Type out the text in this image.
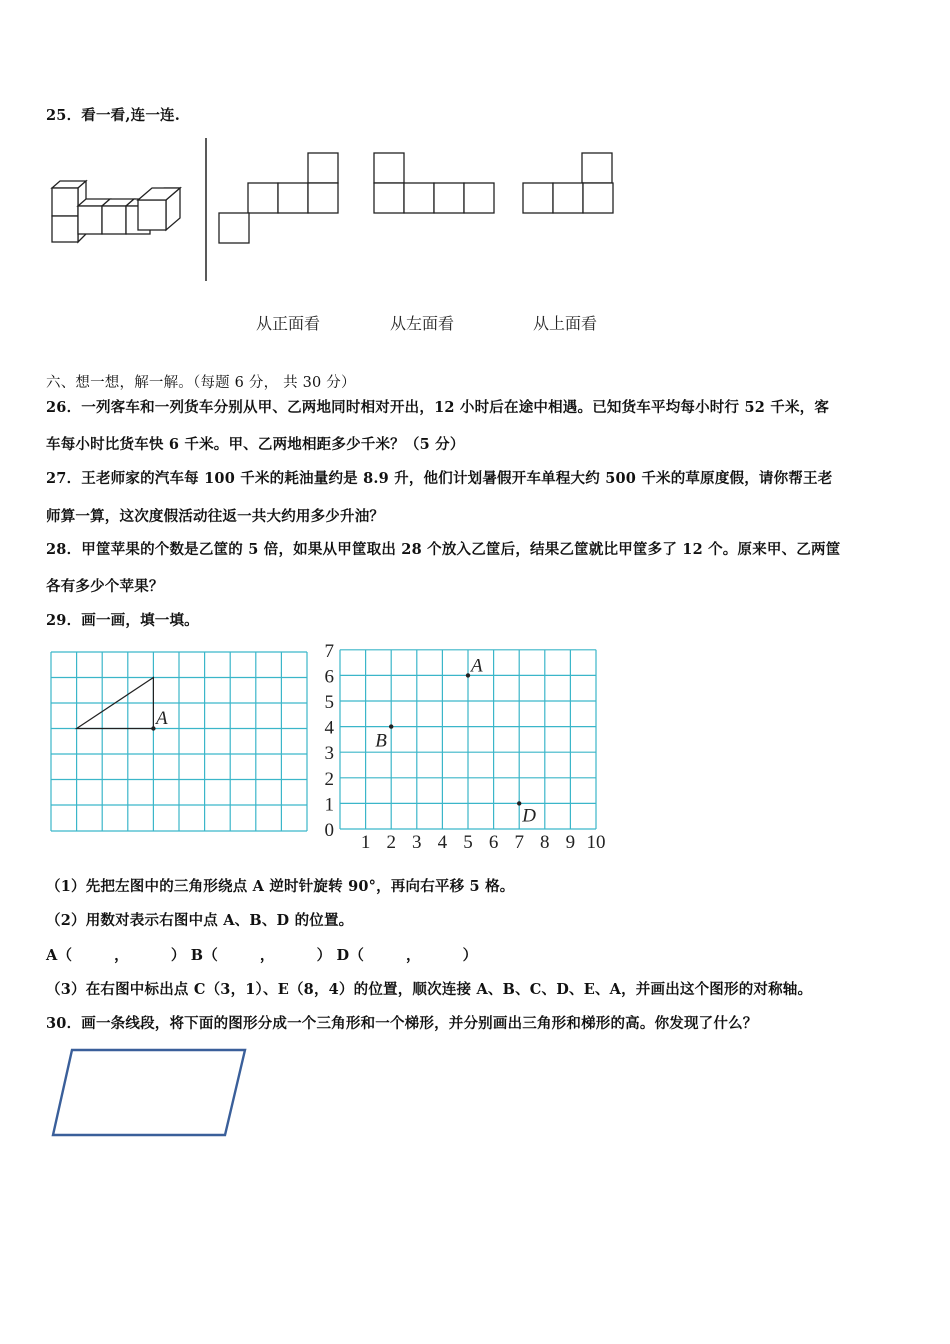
25．看一看,连一连.
从正面看	从左面看	从上面看
六、想一想，解一解。（每题 6 分， 共 30 分）
26．一列客车和一列货车分别从甲、乙两地同时相对开出，12 小时后在途中相遇。已知货车平均每小时行 52 千米，客
车每小时比货车快 6 千米。甲、乙两地相距多少千米？（5 分）
27．王老师家的汽车每 100 千米的耗油量约是 8.9 升，他们计划暑假开车单程大约 500 千米的草原度假，请你帮王老
师算一算，这次度假活动往返一共大约用多少升油？
28．甲筐苹果的个数是乙筐的 5 倍，如果从甲筐取出 28 个放入乙筐后，结果乙筐就比甲筐多了 12 个。原来甲、乙两筐
各有多少个苹果？
29．画一画，填一填。
A
1 2 3 4 5 6 7 8 9 10
0
1
2
3
4
5
6
7
A
B
D
（1）先把左图中的三角形绕点 A 逆时针旋转 90°，再向右平移 5 格。
（2）用数对表示右图中点 A、B、D 的位置。
A（        ，        ） B（        ，        ） D（        ，        ）
（3）在右图中标出点 C（3，1）、E（8，4）的位置，顺次连接 A、B、C、D、E、A，并画出这个图形的对称轴。
30．画一条线段，将下面的图形分成一个三角形和一个梯形，并分别画出三角形和梯形的高。你发现了什么？
